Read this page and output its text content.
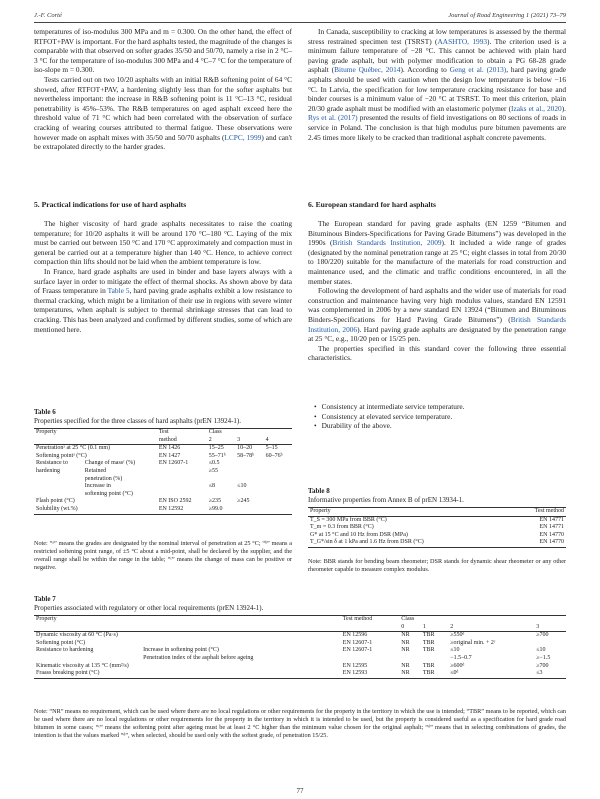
J.-F. Corté	Journal of Road Engineering 1 (2021) 73–79

temperatures of iso-modulus 300 MPa and m = 0.300. On the other hand, the effect of RTFOT+PAV is important. For the hard asphalts tested, the magnitude of the changes is comparable with that observed on softer grades 35/50 and 50/70, namely a rise in 2 °C–3 °C for the temperature of iso-modulus 300 MPa and 4 °C–7 °C for the temperature of iso-slope m = 0.300.

Tests carried out on two 10/20 asphalts with an initial R&B softening point of 64 °C showed, after RTFOT+PAV, a hardening slightly less than for the softer asphalts but nevertheless important: the increase in R&B softening point is 11 °C–13 °C, residual penetrability is 45%–53%. The R&B temperatures on aged asphalt exceed here the threshold value of 71 °C which had been correlated with the observation of surface cracking of wearing courses attributed to thermal fatigue. These observations were however made on asphalt mixes with 35/50 and 50/70 asphalts (LCPC, 1999) and can't be extrapolated directly to the harder grades.

5. Practical indications for use of hard asphalts

The higher viscosity of hard grade asphalts necessitates to raise the coating temperature; for 10/20 asphalts it will be around 170 °C–180 °C. Laying of the mix must be carried out between 150 °C and 170 °C approximately and compaction must in general be carried out at a temperature higher than 140 °C. Hence, to achieve correct compaction thin lifts should not be laid when the ambient temperature is low.

In France, hard grade asphalts are used in binder and base layers always with a surface layer in order to mitigate the effect of thermal shocks. As shown above by data of Fraass temperature in Table 5, hard paving grade asphalts exhibit a low resistance to thermal cracking, which might be a limitation of their use in regions with severe winter temperatures, when asphalt is subject to thermal shrinkage stresses that can lead to cracking. This has been analyzed and confirmed by different studies, some of which are mentioned here.

Table 6
Properties specified for the three classes of hard asphalts (prEN 13924-1).
Property		Test	Class		
		method	2	3	4
Penetrationᵃ at 25 °C (0.1 mm)		EN 1426	15–25	10–20	5–15
Softening pointᵃ (°C)		EN 1427	55–71ᵇ	58–78ᵇ	60–76ᵇ
Resistance to	Change of massᶜ (%)	EN 12607-1	≤0.5		
hardening	Retained		≥55		
	penetration (%)				
	Increase in		≤8	≤10	
	softening point (°C)				
Flash point (°C)		EN ISO 2592	≥235	≥245	
Solubility (wt.%)		EN 12592	≥99.0		
Note: “ᵃ” means the grades are designated by the nominal interval of penetration at 25 °C; “ᵇ” means a restricted softening point range, of ±5 °C about a mid-point, shall be declared by the supplier, and the overall range shall be within the range in the table; “ᶜ” means the change of mass can be positive or negative.

In Canada, susceptibility to cracking at low temperatures is assessed by the thermal stress restrained specimen test (TSRST) (AASHTO, 1993). The criterion used is a minimum failure temperature of −28 °C. This cannot be achieved with plain hard paving grade asphalt, but with polymer modification to obtain a PG 68-28 grade asphalt (Bitume Québec, 2014). According to Geng et al. (2013), hard paving grade asphalts should be used with caution when the design low temperature is below −16 °C. In Latvia, the specification for low temperature cracking resistance for base and binder courses is a minimum value of −20 °C at TSRST. To meet this criterion, plain 20/30 grade asphalt must be modified with an elastomeric polymer (Izaks et al., 2020). Rys et al. (2017) presented the results of field investigations on 80 sections of roads in service in Poland. The conclusion is that high modulus pure bitumen pavements are 2.45 times more likely to be cracked than traditional asphalt concrete pavements.

6. European standard for hard asphalts

The European standard for paving grade asphalts (EN 1259 “Bitumen and Bituminous Binders-Specifications for Paving Grade Bitumens”) was developed in the 1990s (British Standards Institution, 2009). It included a wide range of grades (designated by the nominal penetration range at 25 °C; eight classes in total from 20/30 to 180/220) suitable for the manufacture of the materials for road construction and maintenance used, and the climatic and traffic conditions encountered, in all the member states.

Following the development of hard asphalts and the wider use of materials for road construction and maintenance having very high modulus values, standard EN 12591 was complemented in 2006 by a new standard EN 13924 (“Bitumen and Bituminous Binders-Specifications for Hard Paving Grade Bitumens”) (British Standards Institution, 2006). Hard paving grade asphalts are designated by the penetration range at 25 °C, e.g., 10/20 pen or 15/25 pen.

The properties specified in this standard cover the following three essential characteristics.

• Consistency at intermediate service temperature.
• Consistency at elevated service temperature.
• Durability of the above.
Table 8
Informative properties from Annex B of prEN 13934-1.
Property	Test method
T_S = 300 MPa from BBR (°C)	EN 14771
T_m = 0.3 from BBR (°C)	EN 14771
G* at 15 °C and 10 Hz from DSR (MPa)	EN 14770
T_G*/sin δ at 1 kPa and 1.6 Hz from DSR (°C)	EN 14770
Note: BBR stands for bending beam rheometer; DSR stands for dynamic shear rheometer or any other rheometer capable to measure complex modulus.
Table 7
Properties associated with regulatory or other local requirements (prEN 13924-1).
Property		Test method	Class			
			0	1	2	3
Dynamic viscosity at 60 °C (Pa·s)		EN 12596	NR	TBR	≥550ᵈ	≥700
Softening point (°C)		EN 12607-1	NR	TBR	≥original min. + 2ᶜ	
Resistance to hardening	Increase in softening point (°C)	EN 12607-1	NR	TBR	≤10	≤10
	Penetration index of the asphalt before ageing				−1.5–0.7	≥−1.5
Kinematic viscosity at 135 °C (mm²/s)		EN 12595	NR	TBR	≥600ᵈ	≥700
Fraass breaking point (°C)		EN 12593	NR	TBR	≤0ᵈ	≤3
Note: “NR” means no requirement, which can be used where there are no local regulations or other requirements for the property in the territory in which the use is intended; “TBR” means to be reported, which can be used where there are no local regulations or other requirements for the property in the territory in which it is intended to be used, but the property is considered useful as a specification for hard grade road bitumen in some cases; “ᶜ” means the softening point after ageing must be at least 2 °C higher than the minimum value chosen for the original asphalt; “ᵈ” means that in selecting combinations of grades, the intention is that the values marked “ᵈ”, when selected, should be used only with the softest grade, of penetration 15/25.
77
